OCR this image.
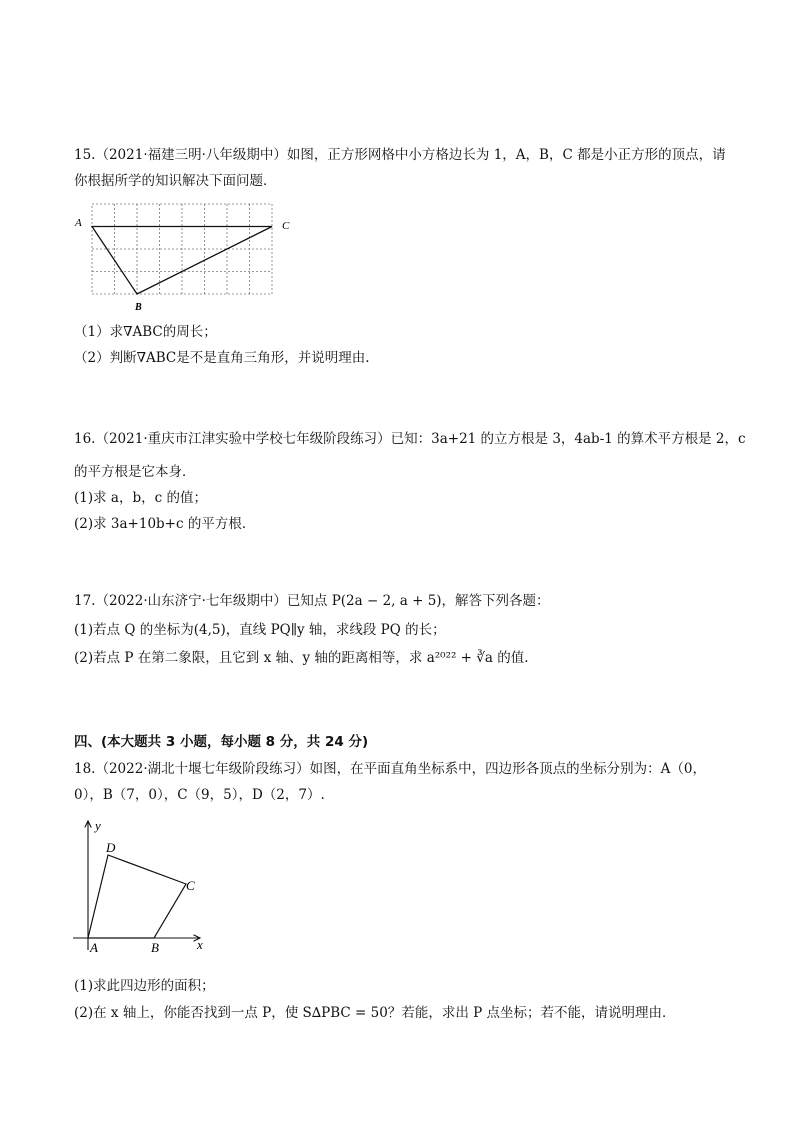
15.（2021·福建三明·八年级期中）如图，正方形网格中小方格边长为 1，A，B，C 都是小正方形的顶点，请
你根据所学的知识解决下面问题．
A	C
B
（1）求∇ABC的周长；
（2）判断∇ABC是不是直角三角形，并说明理由.
16.（2021·重庆市江津实验中学校七年级阶段练习）已知：3a+21 的立方根是 3，4ab-1 的算术平方根是 2，c
的平方根是它本身．
(1)求 a，b，c 的值；
(2)求 3a+10b+c 的平方根．
17.（2022·山东济宁·七年级期中）已知点 P(2a − 2, a + 5)，解答下列各题：
(1)若点 Q 的坐标为(4,5)，直线 PQ∥y 轴，求线段 PQ 的长；
(2)若点 P 在第二象限，且它到 x 轴、y 轴的距离相等，求 a²⁰²² + ∛a 的值.
四、(本大题共 3 小题，每小题 8 分，共 24 分)
18.（2022·湖北十堰七年级阶段练习）如图，在平面直角坐标系中，四边形各顶点的坐标分别为：A（0，
0），B（7，0），C（9，5），D（2，7）.
y
x
D
C
A	B
(1)求此四边形的面积；
(2)在 x 轴上，你能否找到一点 P，使 S∆PBC = 50？若能，求出 P 点坐标；若不能，请说明理由．
